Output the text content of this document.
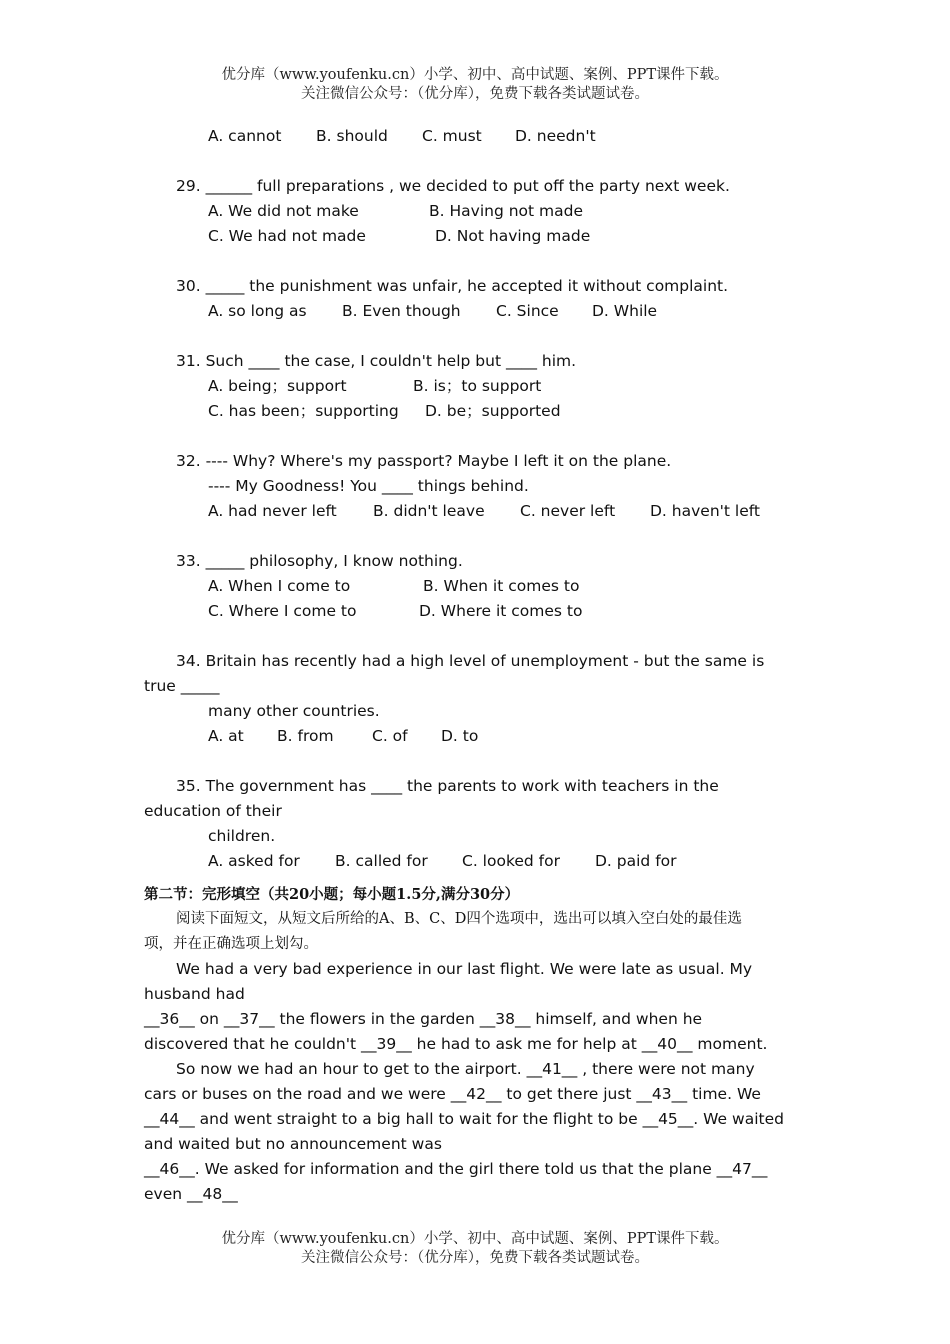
优分库（www.youfenku.cn）小学、初中、高中试题、案例、PPT课件下载。
关注微信公众号：（优分库），免费下载各类试题试卷。
A. cannot B. should C. must D. needn't
29. ______ full preparations , we decided to put off the party next week.
A. We did not make	B. Having not made
C. We had not made	D. Not having made
30. _____ the punishment was unfair, he accepted it without complaint.
A. so long as B. Even though C. Since D. While
31. Such ____ the case, I couldn't help but ____ him.
A. being；support	B. is；to support
C. has been；supporting D. be；supported
32. ---- Why? Where's my passport? Maybe I left it on the plane.
---- My Goodness! You ____ things behind.
A. had never left B. didn't leave C. never left D. haven't left
33. _____ philosophy, I know nothing.
A. When I come to	B. When it comes to
C. Where I come to	D. Where it comes to
34. Britain has recently had a high level of unemployment - but the same is
true _____
many other countries.
A. at B. from C. of D. to
35. The government has ____ the parents to work with teachers in the
education of their
children.
A. asked for B. called for C. looked for D. paid for
第二节：完形填空（共20小题；每小题1.5分,满分30分）
阅读下面短文，从短文后所给的A、B、C、D四个选项中，选出可以填入空白处的最佳选
项，并在正确选项上划勾。
We had a very bad experience in our last flight. We were late as usual. My
husband had
__36__ on __37__ the flowers in the garden __38__ himself, and when he
discovered that he couldn't __39__ he had to ask me for help at __40__ moment.
So now we had an hour to get to the airport. __41__ , there were not many
cars or buses on the road and we were __42__ to get there just __43__ time. We
__44__ and went straight to a big hall to wait for the flight to be __45__. We waited
and waited but no announcement was
__46__. We asked for information and the girl there told us that the plane __47__
even __48__
优分库（www.youfenku.cn）小学、初中、高中试题、案例、PPT课件下载。
关注微信公众号：（优分库），免费下载各类试题试卷。
